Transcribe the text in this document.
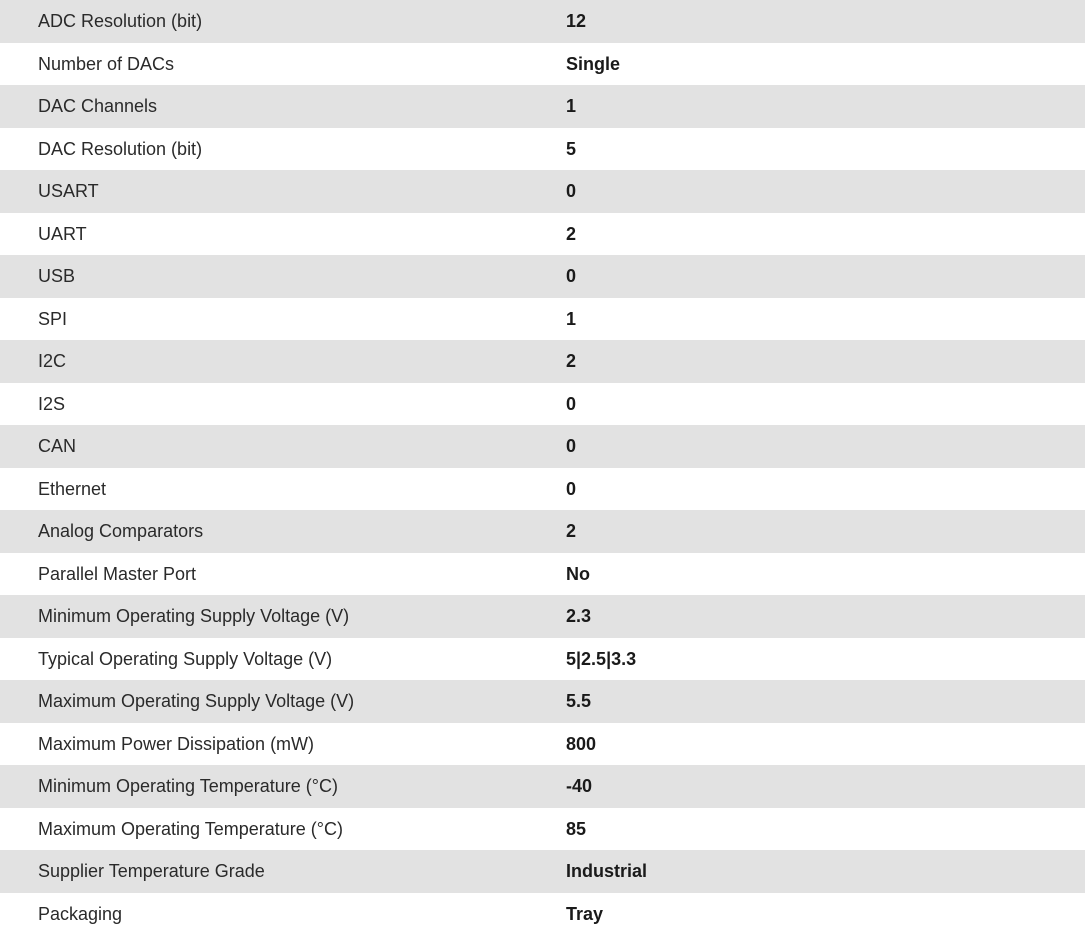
ADC Resolution (bit)	12
Number of DACs	Single
DAC Channels	1
DAC Resolution (bit)	5
USART	0
UART	2
USB	0
SPI	1
I2C	2
I2S	0
CAN	0
Ethernet	0
Analog Comparators	2
Parallel Master Port	No
Minimum Operating Supply Voltage (V)	2.3
Typical Operating Supply Voltage (V)	5|2.5|3.3
Maximum Operating Supply Voltage (V)	5.5
Maximum Power Dissipation (mW)	800
Minimum Operating Temperature (°C)	-40
Maximum Operating Temperature (°C)	85
Supplier Temperature Grade	Industrial
Packaging	Tray
